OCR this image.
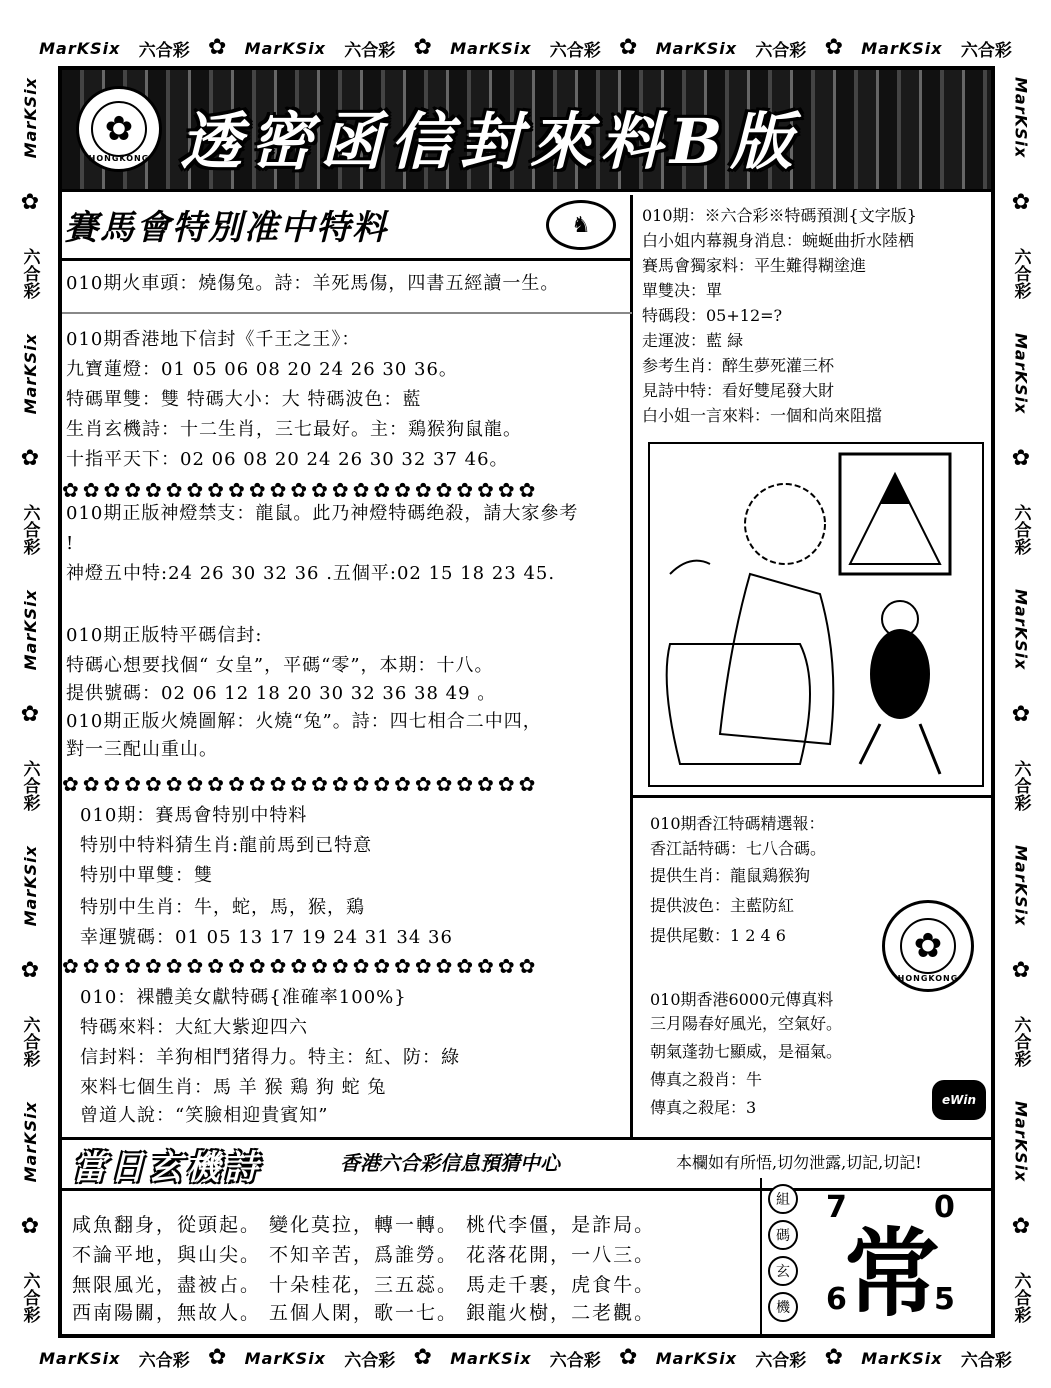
MarKSix 六合彩 ✿ MarKSix 六合彩 ✿ MarKSix 六合彩 ✿ MarKSix 六合彩 ✿ MarKSix 六合彩
MarKSix 六合彩 ✿ MarKSix 六合彩 ✿ MarKSix 六合彩 ✿ MarKSix 六合彩 ✿ MarKSix 六合彩
MarKSix
✿
六合彩
MarKSix
✿
六合彩
MarKSix
✿
六合彩
MarKSix
✿
六合彩
MarKSix
✿
六合彩
MarKSix
✿
六合彩
MarKSix
✿
六合彩
MarKSix
✿
六合彩
MarKSix
✿
六合彩
MarKSix
✿
六合彩
✿
HONGKONG 透密函信封來料B版
賽馬會特別准中特料	♞
010期火車頭：燒傷兔。詩：羊死馬傷，四書五經讀一生。
010期香港地下信封《千王之王》：
九寶蓮燈：01 05 06 08 20 24 26 30 36。
特碼單雙：雙 特碼大小：大 特碼波色：藍
生肖玄機詩：十二生肖，三七最好。主：鶏猴狗鼠龍。
十指平天下：02 06 08 20 24 26 30 32 37 46。
✿✿✿✿✿✿✿✿✿✿✿✿✿✿✿✿✿✿✿✿✿✿✿
010期正版神燈禁支：龍鼠。此乃神燈特碼绝殺，請大家參考
!
神燈五中特:24 26 30 32 36 .五個平:02 15 18 23 45.
010期正版特平碼信封:
特碼心想要找個“ 女皇”，平碼“零”，本期：十八。
提供號碼：02 06 12 18 20 30 32 36 38 49 。
010期正版火燒圖解：火燒“兔”。詩：四七相合二中四，
對一三配山重山。
✿✿✿✿✿✿✿✿✿✿✿✿✿✿✿✿✿✿✿✿✿✿✿
010期：賽馬會特别中特料
特别中特料猜生肖:龍前馬到已特意
特别中單雙：雙
特别中生肖：牛，蛇，馬，猴，鶏
幸運號碼：01 05 13 17 19 24 31 34 36
✿✿✿✿✿✿✿✿✿✿✿✿✿✿✿✿✿✿✿✿✿✿✿
010：裸體美女獻特碼{准確率100%}
特碼來料：大紅大紫迎四六
信封料：羊狗相鬥猪得力。特主：紅、防：綠
來料七個生肖：馬 羊 猴 鶏 狗 蛇 兔
曾道人說：“笑臉相迎貴賓知”
010期：※六合彩※特碼預測{文字版}
白小姐内幕親身消息：蜿蜒曲折水陸栖
賽馬會獨家料：平生難得糊塗進
單雙决：單
特碼段：05+12=?
走運波：藍 緑
参考生肖：醉生夢死灌三杯
見詩中特：看好雙尾發大財
白小姐一言來料：一個和尚來阻擋
010期香江特碼精選報：
香江話特碼：七八合碼。
提供生肖：龍鼠鶏猴狗
提供波色：主藍防紅
提供尾數：1 2 4 6	✿
HONGKONG
010期香港6000元傳真料
三月陽春好風光，空氣好。
朝氣蓬勃七顯威，是福氣。
傳真之殺肖：牛
傳真之殺尾：3	eWin
當日玄機詩	香港六合彩信息預猜中心	本欄如有所悟,切勿泄露,切記,切記!
咸魚翻身，從頭起。 變化莫拉，轉一轉。 桃代李僵，是詐局。
不論平地，與山尖。 不知辛苦，爲誰勞。 花落花開，一八三。
無限風光，盡被占。 十朵桂花，三五蕊。 馬走千裹，虎食牛。
西南陽關，無故人。 五個人閑，歌一七。 銀龍火樹，二老觀。
組
碼
玄
機
7	0
6	5
常
